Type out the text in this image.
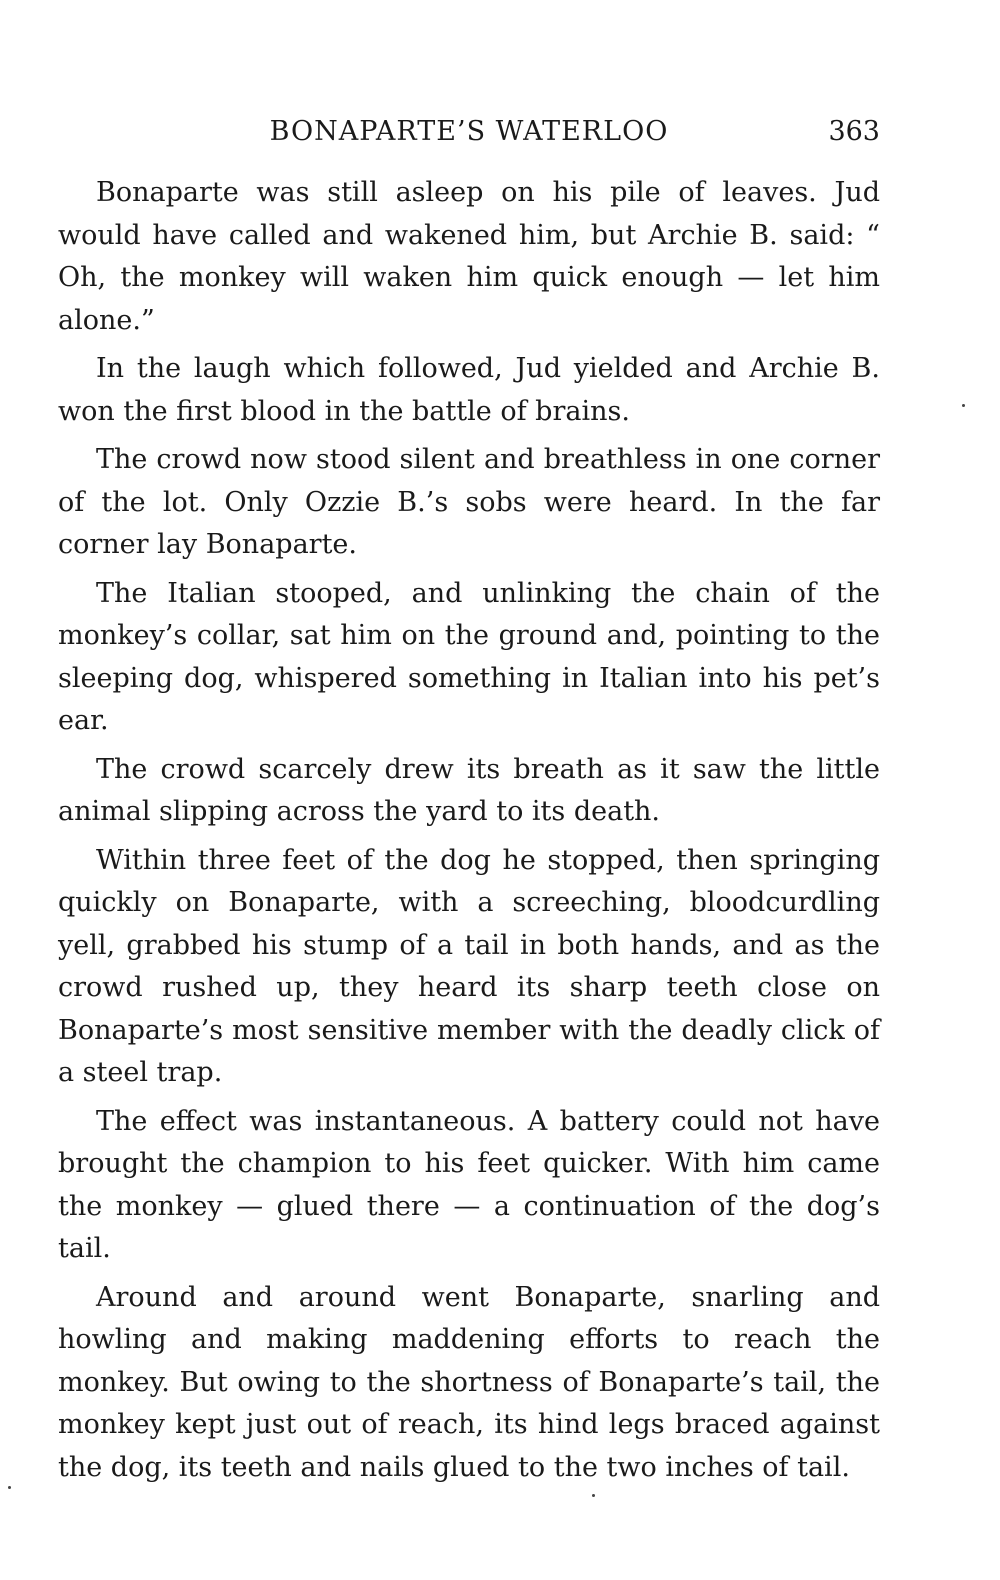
BONAPARTE’S WATERLOO	363

Bonaparte was still asleep on his pile of leaves. Jud would have called and wakened him, but Archie B. said: “ Oh, the monkey will waken him quick enough — let him alone.”

In the laugh which followed, Jud yielded and Archie B. won the first blood in the battle of brains.

The crowd now stood silent and breathless in one corner of the lot. Only Ozzie B.’s sobs were heard. In the far corner lay Bonaparte.

The Italian stooped, and unlinking the chain of the monkey’s collar, sat him on the ground and, pointing to the sleeping dog, whispered something in Italian into his pet’s ear.

The crowd scarcely drew its breath as it saw the little animal slipping across the yard to its death.

Within three feet of the dog he stopped, then springing quickly on Bonaparte, with a screeching, bloodcurdling yell, grabbed his stump of a tail in both hands, and as the crowd rushed up, they heard its sharp teeth close on Bonaparte’s most sensitive member with the deadly click of a steel trap.

The effect was instantaneous. A battery could not have brought the champion to his feet quicker. With him came the monkey — glued there — a continuation of the dog’s tail.

Around and around went Bonaparte, snarling and howling and making maddening efforts to reach the monkey. But owing to the shortness of Bonaparte’s tail, the monkey kept just out of reach, its hind legs braced against the dog, its teeth and nails glued to the two inches of tail.
